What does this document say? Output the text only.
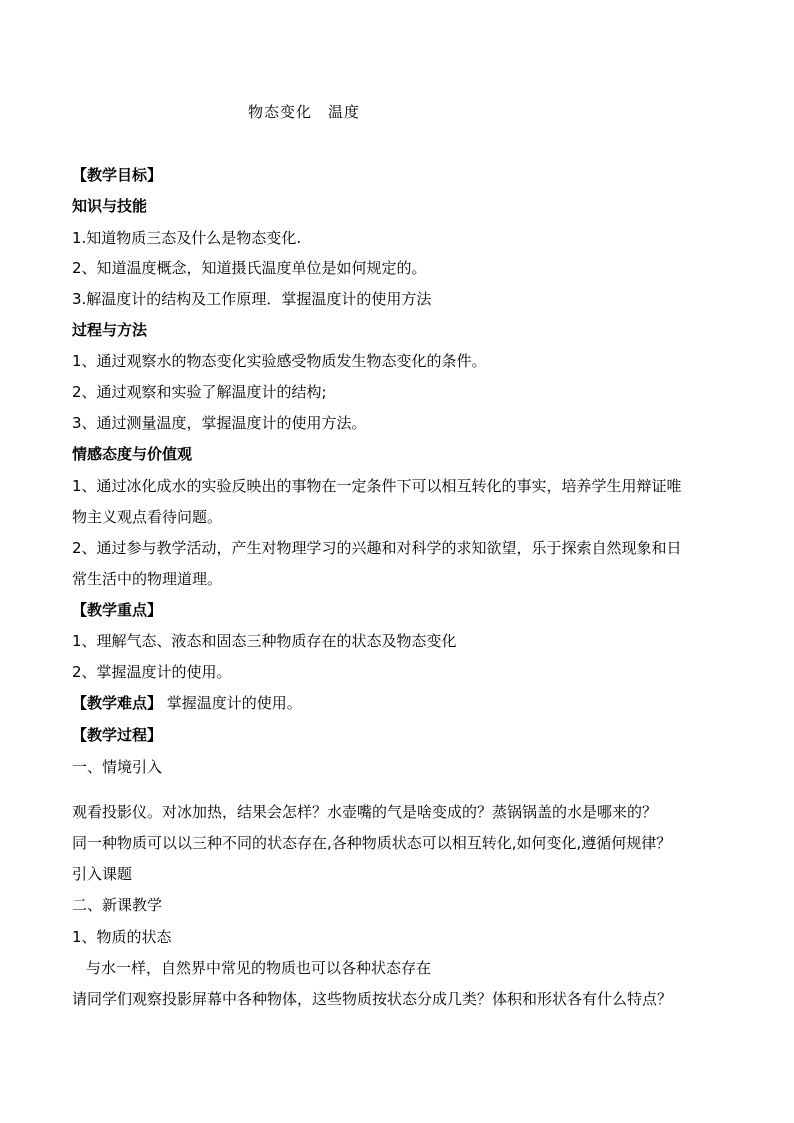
物态变化　温度
【教学目标】
知识与技能
1.知道物质三态及什么是物态变化.
2、知道温度概念，知道摄氏温度单位是如何规定的。
3.解温度计的结构及工作原理．掌握温度计的使用方法
过程与方法
1、通过观察水的物态变化实验感受物质发生物态变化的条件。
2、通过观察和实验了解温度计的结构;
3、通过测量温度，掌握温度计的使用方法。
情感态度与价值观
1、通过冰化成水的实验反映出的事物在一定条件下可以相互转化的事实，培养学生用辩证唯
物主义观点看待问题。
2、通过参与教学活动，产生对物理学习的兴趣和对科学的求知欲望，乐于探索自然现象和日
常生活中的物理道理。
【教学重点】
1、理解气态、液态和固态三种物质存在的状态及物态变化
2、掌握温度计的使用。
【教学难点】 掌握温度计的使用。
【教学过程】
一、情境引入
观看投影仪。对冰加热，结果会怎样？水壶嘴的气是啥变成的？蒸锅锅盖的水是哪来的？
同一种物质可以以三种不同的状态存在,各种物质状态可以相互转化,如何变化,遵循何规律？
引入课题
二、新课教学
1、物质的状态
与水一样，自然界中常见的物质也可以各种状态存在
请同学们观察投影屏幕中各种物体，这些物质按状态分成几类？体积和形状各有什么特点？
